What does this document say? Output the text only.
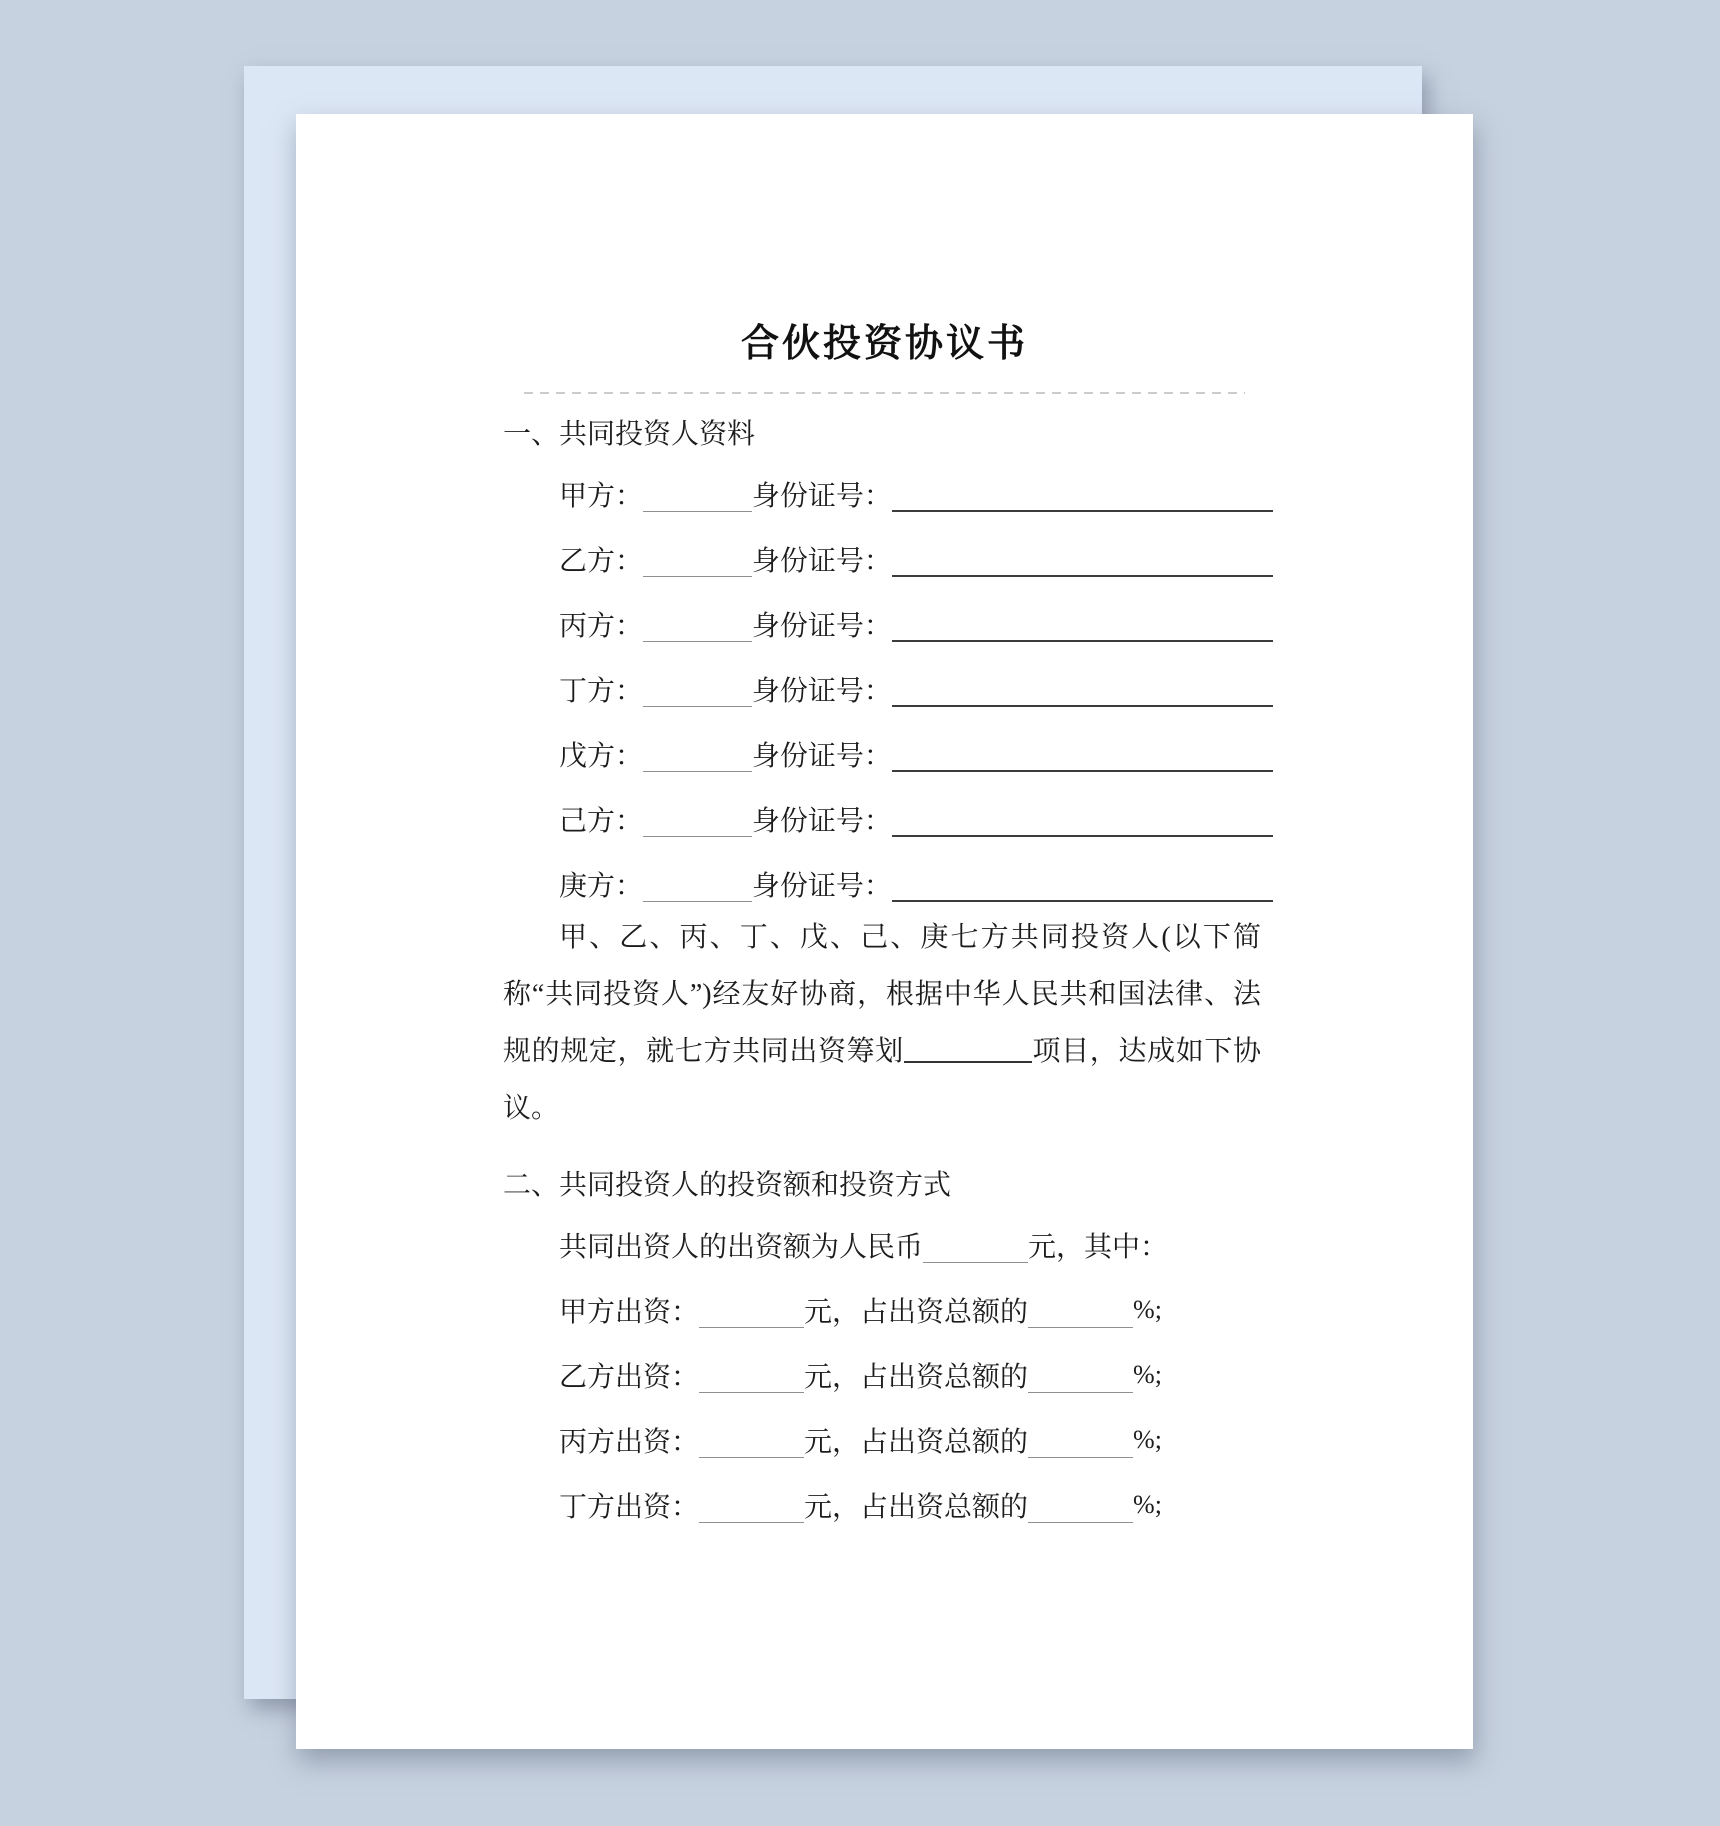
合伙投资协议书
一、共同投资人资料
甲方：	身份证号：
乙方：	身份证号：
丙方：	身份证号：
丁方：	身份证号：
戊方：	身份证号：
己方：	身份证号：
庚方：	身份证号：

甲、乙、丙、丁、戊、己、庚七方共同投资人(以下简称“共同投资人”)经友好协商，根据中华人民共和国法律、法规的规定，就七方共同出资筹划	项目，达成如下协议。

二、共同投资人的投资额和投资方式
共同出资人的出资额为人民币	元，其中：
甲方出资：	元，占出资总额的	%;
乙方出资：	元，占出资总额的	%;
丙方出资：	元，占出资总额的	%;
丁方出资：	元，占出资总额的	%;
